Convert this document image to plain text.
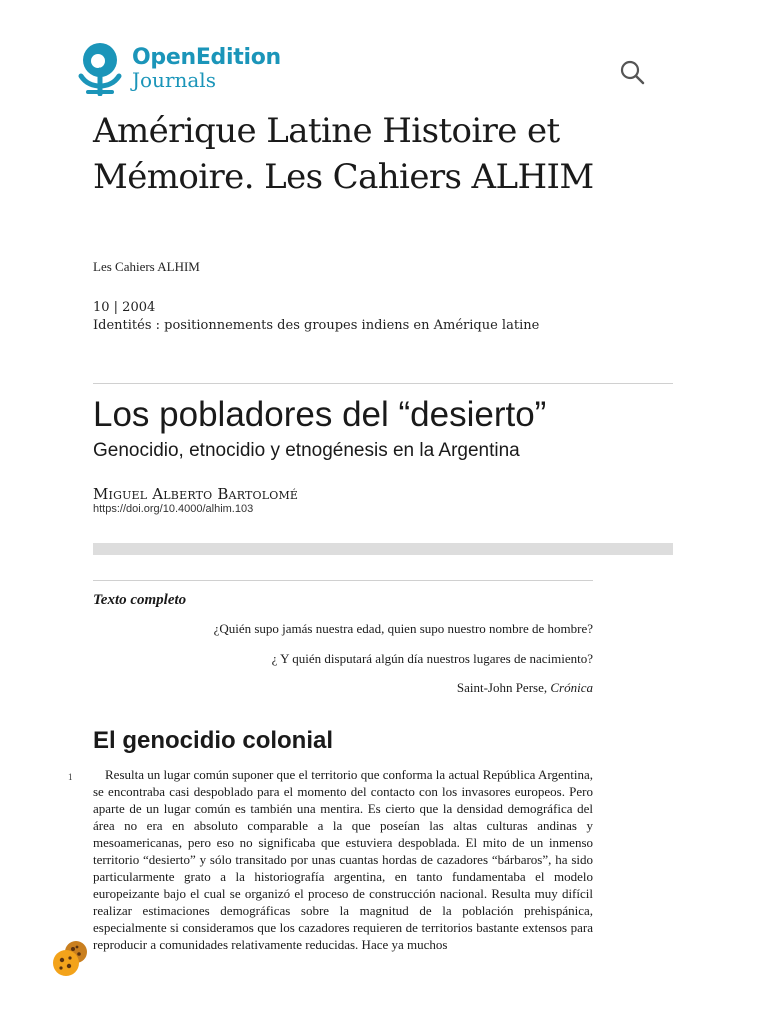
OpenEdition
Journals
Amérique Latine Histoire et Mémoire. Les Cahiers ALHIM
Les Cahiers ALHIM
10 | 2004
Identités : positionnements des groupes indiens en Amérique latine
Los pobladores del “desierto”
Genocidio, etnocidio y etnogénesis en la Argentina
Miguel Alberto Bartolomé
https://doi.org/10.4000/alhim.103
Texto completo
¿Quién supo jamás nuestra edad, quien supo nuestro nombre de hombre?
¿ Y quién disputará algún día nuestros lugares de nacimiento?
Saint-John Perse, Crónica
El genocidio colonial
1	Resulta un lugar común suponer que el territorio que conforma la actual República Argentina, se encontraba casi despoblado para el momento del contacto con los invasores europeos. Pero aparte de un lugar común es también una mentira. Es cierto que la densidad demográfica del área no era en absoluto comparable a la que poseían las altas culturas andinas y mesoamericanas, pero eso no significaba que estuviera despoblada. El mito de un inmenso territorio “desierto” y sólo transitado por unas cuantas hordas de cazadores “bárbaros”, ha sido particularmente grato a la historiografía argentina, en tanto fundamentaba el modelo europeizante bajo el cual se organizó el proceso de construcción nacional. Resulta muy difícil realizar estimaciones demográficas sobre la magnitud de la población prehispánica, especialmente si consideramos que los cazadores requieren de territorios bastante extensos para reproducir a comunidades relativamente reducidas. Hace ya muchos
